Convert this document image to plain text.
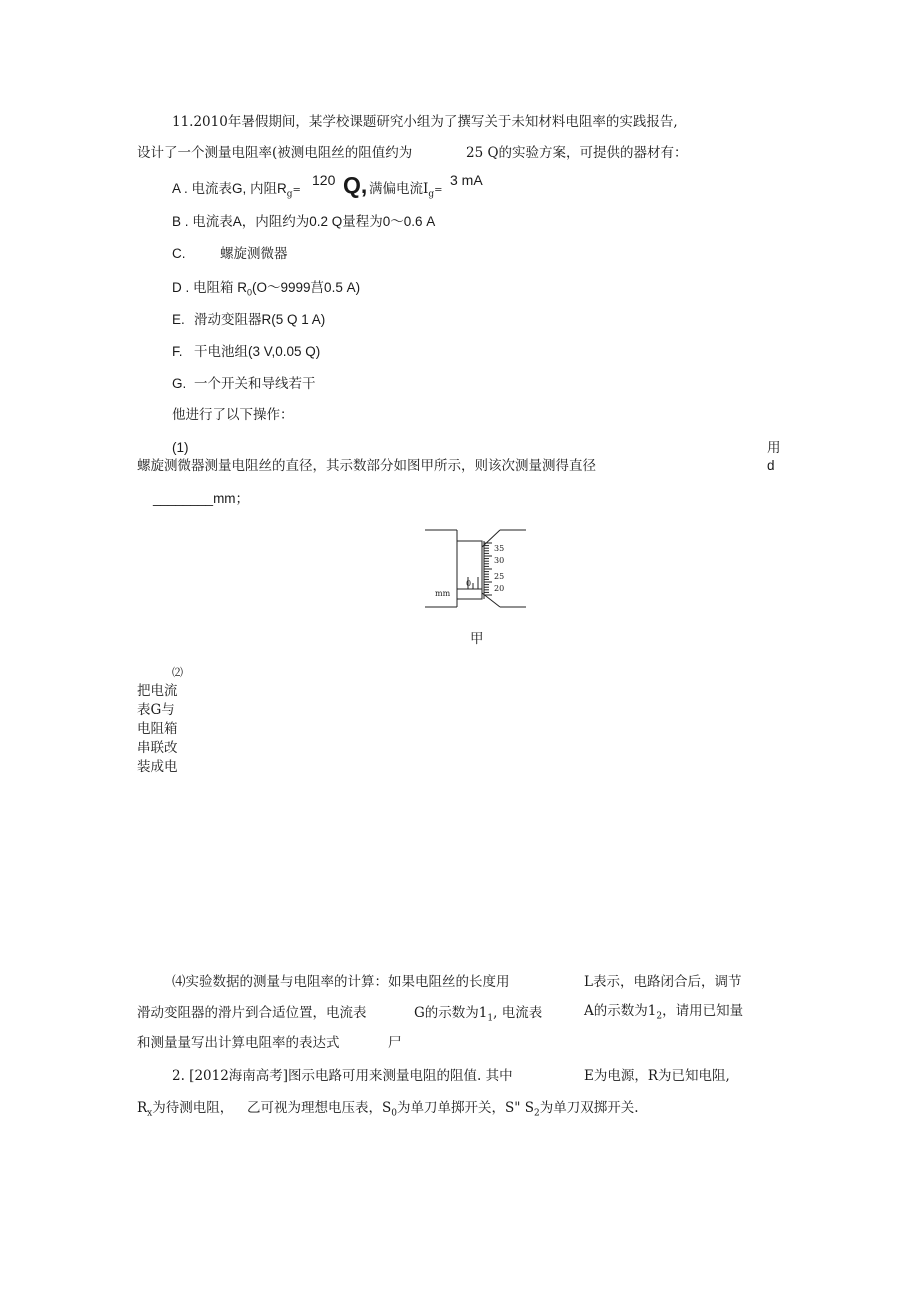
11.2010年暑假期间，某学校课题研究小组为了撰写关于未知材料电阻率的实践报告,
设计了一个测量电阻率(被测电阻丝的阻值约为	25 Q的实验方案，可提供的器材有：
A . 电流表G, 内阻$R_g=$
120 Q, 满偏电流$I_g=$
3 mA
B . 电流表A，内阻约为0.2 Q量程为0～0.6 A
C.	螺旋测微器
D . 电阻箱 $R_0(O\sim 9999$莒0.5 A)
E. 滑动变阻器R(5 Q 1 A)
F. 干电池组(3 V,0.05 Q)
G. 一个开关和导线若干
他进行了以下操作：
(1)	用
螺旋测微器测量电阻丝的直径，其示数部分如图甲所示，则该次测量测得直径	d
________mm；
35
30
25
20
0
mm
甲
⑵
把电流
表G与
电阻箱
串联改
装成电
⑷实验数据的测量与电阻率的计算：如果电阻丝的长度用	L表示，电路闭合后，调节
滑动变阻器的滑片到合适位置，电流表	G的示数为$1_1$, 电流表	A的示数为$1_2$，请用已知量
和测量量写出计算电阻率的表达式	尸
2. [2012海南高考]图示电路可用来测量电阻的阻值. 其中	E为电源，R为已知电阻,
$R_x$为待测电阻， 乙可视为理想电压表，$S_0$为单刀单掷开关，S" $S_2$为单刀双掷开关.
